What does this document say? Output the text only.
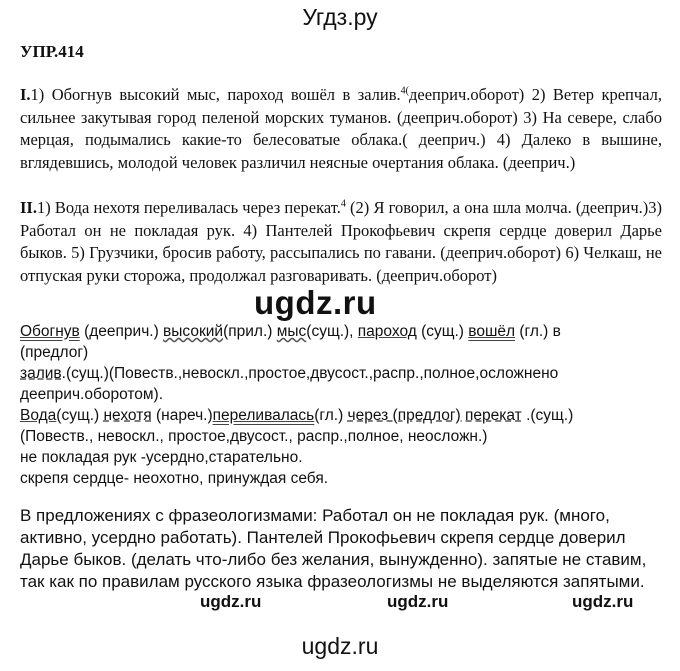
Угдз.ру
УПР.414
I.1) Обогнув высокий мыс, пароход вошёл в залив.$^{4(}$дееприч.оборот) 2) Ветер крепчал, сильнее закутывая город пеленой морских туманов. (дееприч.оборот) 3) На севере, слабо мерцая, подымались какие-то белесоватые облака.( дееприч.) 4) Далеко в вышине, вглядевшись, молодой человек различил неясные очертания облака. (дееприч.)
II.1) Вода нехотя переливалась через перекат.$^4$ (2) Я говорил, а она шла молча. (дееприч.)3) Работал он не покладая рук. 4) Пантелей Прокофьевич скрепя сердце доверил Дарье быков. 5) Грузчики, бросив работу, рассыпались по гавани. (дееприч.оборот) 6) Челкаш, не отпуская руки сторожа, продолжал разговаривать. (дееприч.оборот)
ugdz.ru
Обогнув (дееприч.) высокий(прил.) мыс(сущ.), пароход (сущ.) вошёл (гл.) в
(предлог)
залив.(сущ.)(Повеств.,невоскл.,простое,двусост.,распр.,полное,осложнено
дееприч.оборотом).
Вода(сущ.) нехотя (нареч.)переливалась(гл.) через (предлог) перекат .(сущ.)
(Повеств., невоскл., простое,двусост., распр.,полное, неосложн.)
не покладая рук -усердно,старательно.
скрепя сердце- неохотно, принуждая себя.
В предложениях с фразеологизмами: Работал он не покладая рук. (много, активно, усердно работать). Пантелей Прокофьевич скрепя сердце доверил Дарье быков. (делать что-либо без желания, вынужденно). запятые не ставим, так как по правилам русского языка фразеологизмы не выделяются запятыми.
ugdz.ru	ugdz.ru	ugdz.ru
ugdz.ru
